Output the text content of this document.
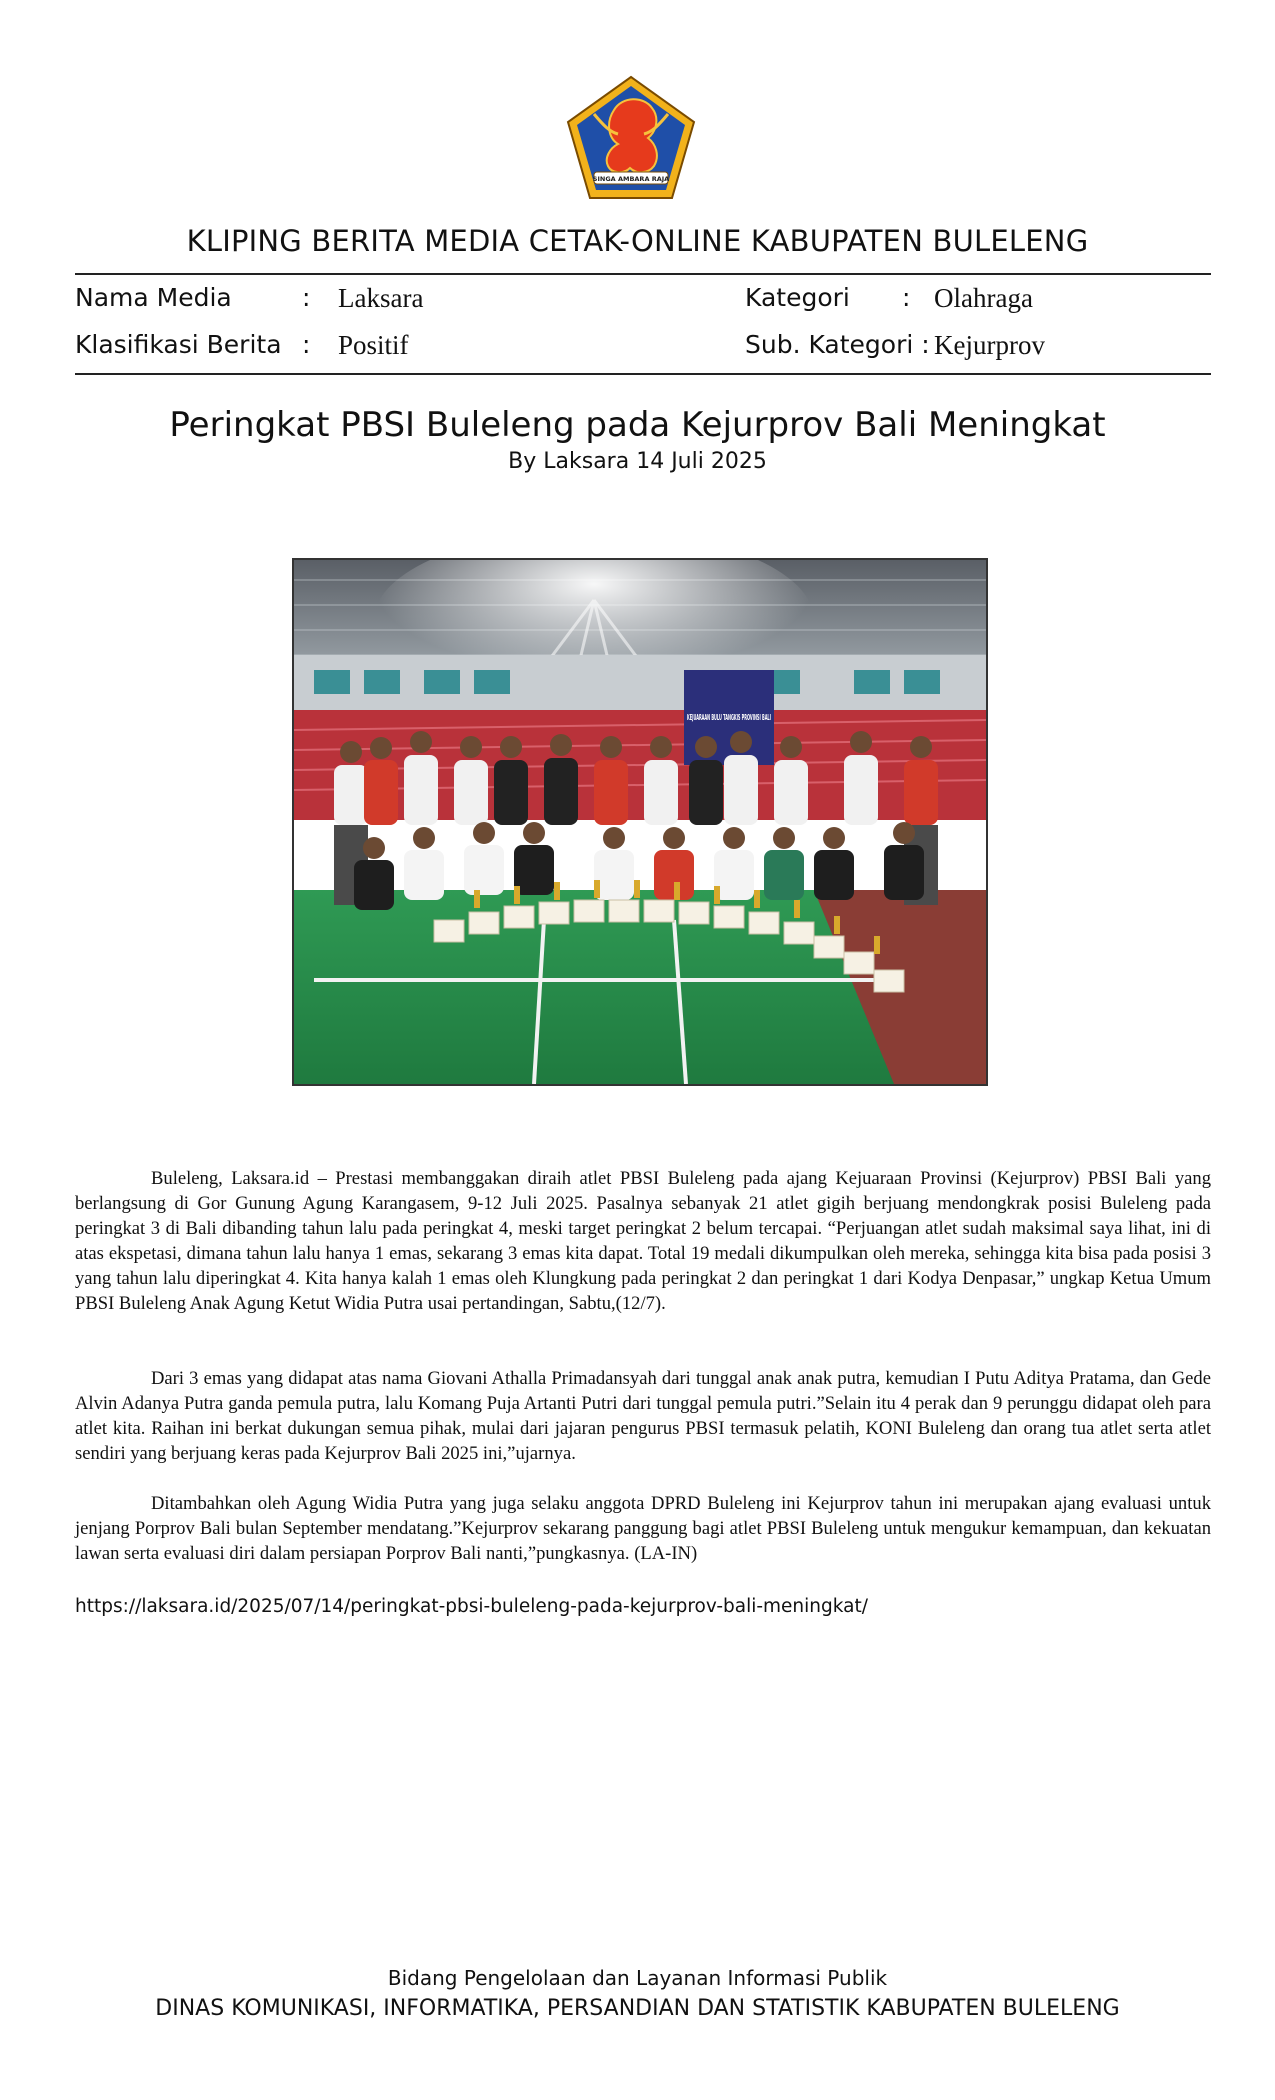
SINGA AMBARA RAJA
KLIPING BERITA MEDIA CETAK-ONLINE KABUPATEN BULELENG
Nama Media	: Laksara	Kategori : Olahraga
Klasifikasi Berita : Positif	Sub. Kategori : Kejurprov
Peringkat PBSI Buleleng pada Kejurprov Bali Meningkat
By Laksara 14 Juli 2025
KEJUARAAN BULU TANGKIS PROVINSI BALI

Buleleng, Laksara.id – Prestasi membanggakan diraih atlet PBSI Buleleng pada ajang Kejuaraan Provinsi (Kejurprov) PBSI Bali yang berlangsung di Gor Gunung Agung Karangasem, 9-12 Juli 2025. Pasalnya sebanyak 21 atlet gigih berjuang mendongkrak posisi Buleleng pada peringkat 3 di Bali dibanding tahun lalu pada peringkat 4, meski target peringkat 2 belum tercapai. “Perjuangan atlet sudah maksimal saya lihat, ini di atas ekspetasi, dimana tahun lalu hanya 1 emas, sekarang 3 emas kita dapat. Total 19 medali dikumpulkan oleh mereka, sehingga kita bisa pada posisi 3 yang tahun lalu diperingkat 4. Kita hanya kalah 1 emas oleh Klungkung pada peringkat 2 dan peringkat 1 dari Kodya Denpasar,” ungkap Ketua Umum PBSI Buleleng Anak Agung Ketut Widia Putra usai pertandingan, Sabtu,(12/7).

Dari 3 emas yang didapat atas nama Giovani Athalla Primadansyah dari tunggal anak anak putra, kemudian I Putu Aditya Pratama, dan Gede Alvin Adanya Putra ganda pemula putra, lalu Komang Puja Artanti Putri dari tunggal pemula putri.”Selain itu 4 perak dan 9 perunggu didapat oleh para atlet kita. Raihan ini berkat dukungan semua pihak, mulai dari jajaran pengurus PBSI termasuk pelatih, KONI Buleleng dan orang tua atlet serta atlet sendiri yang berjuang keras pada Kejurprov Bali 2025 ini,”ujarnya.

Ditambahkan oleh Agung Widia Putra yang juga selaku anggota DPRD Buleleng ini Kejurprov tahun ini merupakan ajang evaluasi untuk jenjang Porprov Bali bulan September mendatang.”Kejurprov sekarang panggung bagi atlet PBSI Buleleng untuk mengukur kemampuan, dan kekuatan lawan serta evaluasi diri dalam persiapan Porprov Bali nanti,”pungkasnya. (LA-IN)

https://laksara.id/2025/07/14/peringkat-pbsi-buleleng-pada-kejurprov-bali-meningkat/
Bidang Pengelolaan dan Layanan Informasi Publik
DINAS KOMUNIKASI, INFORMATIKA, PERSANDIAN DAN STATISTIK KABUPATEN BULELENG
